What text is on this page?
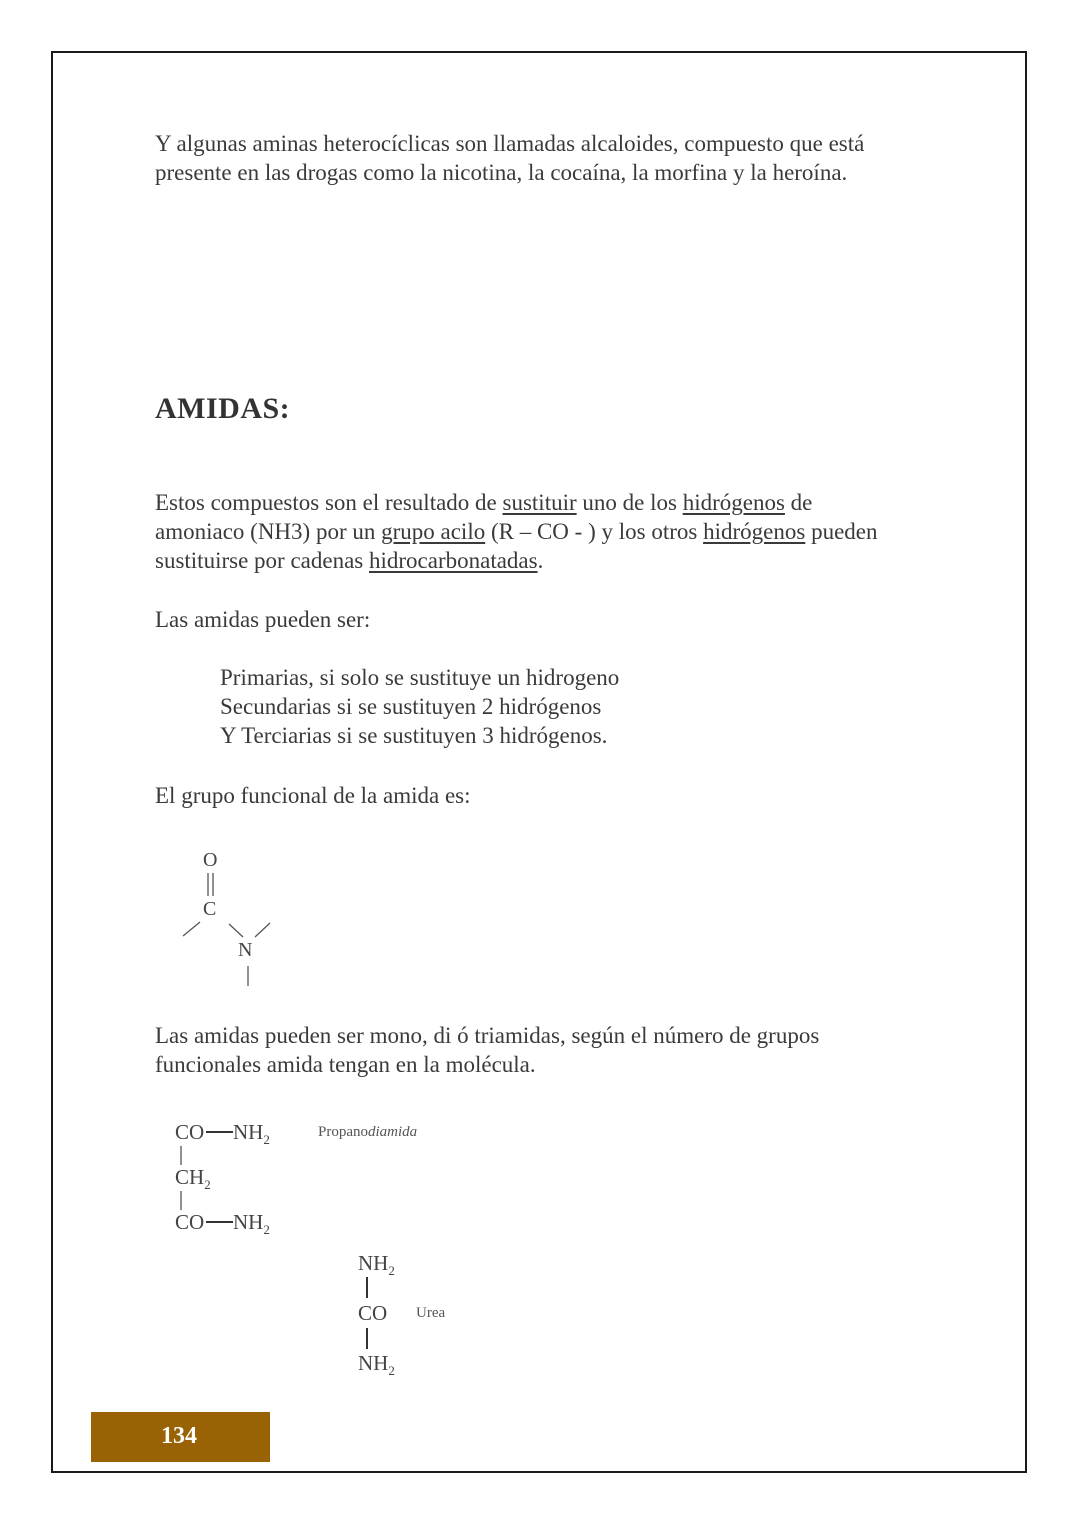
Y algunas aminas heterocíclicas son llamadas alcaloides, compuesto que está presente en las drogas como la nicotina, la cocaína, la morfina y la heroína.

AMIDAS:

Estos compuestos son el resultado de sustituir uno de los hidrógenos de amoniaco (NH3) por un grupo acilo (R – CO - ) y los otros hidrógenos pueden sustituirse por cadenas hidrocarbonatadas.

Las amidas pueden ser:

Primarias, si solo se sustituye un hidrogeno
Secundarias si se sustituyen 2 hidrógenos
Y Terciarias si se sustituyen 3 hidrógenos.

El grupo funcional de la amida es:

O
C
N

Las amidas pueden ser mono, di ó triamidas, según el número de grupos funcionales amida tengan en la molécula.

CO $NH_2$
$CH_2$
CO $NH_2$
Propanodiamida
$NH_2$
CO
$NH_2$
Urea
134
